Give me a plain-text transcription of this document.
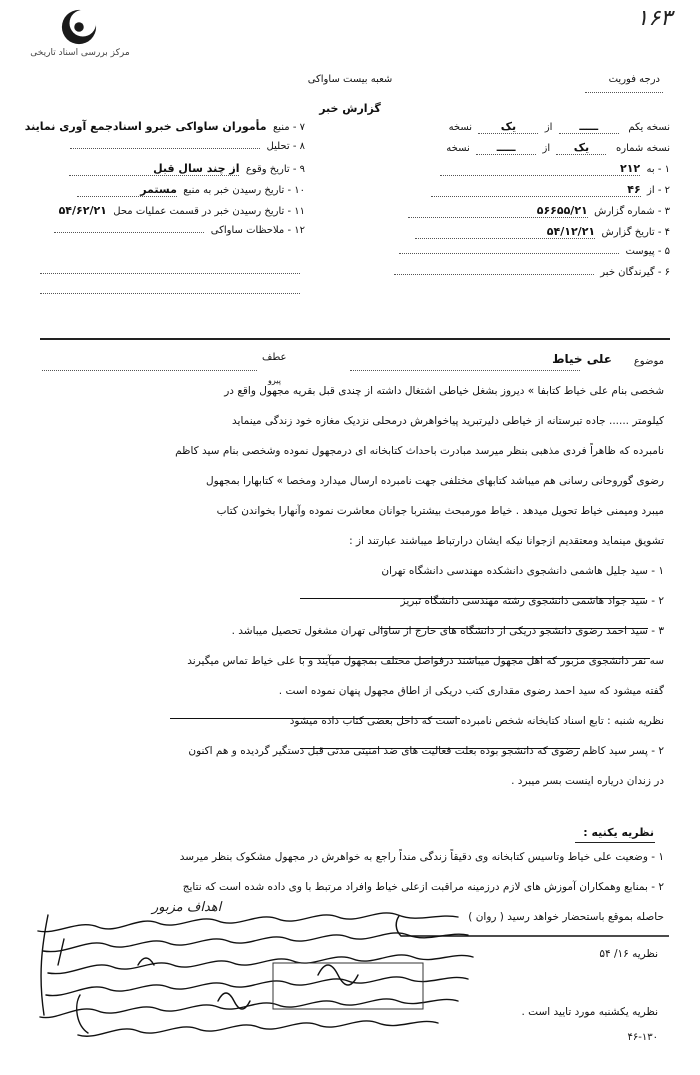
مرکز بررسی اسناد تاریخی
۱۶۳
شعبه بیست ساواکی
گزارش خبر
درجه فوریت
نسخه یکم   ـــــ  از  یک  نسخه
نسخه شماره   یک  از  ـــــ  نسخه
۱ - به  ۲۱۲
۲ - از  ۴۶
۳ - شماره گزارش  ۵۶۶۵۵/۲۱
۴ - تاریخ گزارش  ۵۴/۱۲/۲۱
۵ - پیوست
۶ - گیرندگان خبر
۷ - منبع  مأموران ساواکی خبرو اسنادجمع آوری نمایند
۸ - تحلیل
۹ - تاریخ وقوع  از چند سال قبل
۱۰ - تاریخ رسیدن خبر به منبع  مستمر
۱۱ - تاریخ رسیدن خبر در قسمت عملیات محل  ۵۴/۶۲/۲۱
۱۲ - ملاحظات ساواکی
موضوع
علی خیاط
عطف
پیرو
شخصی بنام علی خیاط کتابفا » دیروز بشغل خیاطی اشتغال داشته از چندی قبل بقریه مجهول واقع در
کیلومتر ...... جاده تبرستانه از خیاطی دلیرتبرید پیاخواهرش درمحلی نزدیک مغازه خود زندگی مینماید
نامبرده که ظاهراً فردی مذهبی بنظر میرسد مبادرت باحداث کتابخانه ای درمجهول نموده وشخصی بنام سید کاظم
رضوی گوروحانی رسانی هم میباشد کتابهای مختلفی جهت نامبرده ارسال میدارد ومخصا » کتابهارا بمجهول
میبرد ومیمنی خیاط تحویل میدهد . خیاط مورمبحث بیشتربا جوانان معاشرت نموده وآنهارا بخواندن کتاب
تشویق مینماید ومعتقدیم ازجوانا نیکه ایشان درارتباط میباشند عبارتند از :
۱ - سید جلیل هاشمی دانشجوی دانشکده مهندسی دانشگاه تهران
۲ - سید جواد هاشمی دانشجوی رشته مهندسی دانشگاه تبریز
۳ - سید احمد رضوی دانشجو دریکی از دانشگاه های خارج از ساوالی تهران مشغول تحصیل میباشد .
سه نفر دانشجوی مزبور که اهل مجهول میباشند درفواصل مختلف بمجهول میآیند و با علی خیاط تماس میگیرند
گفته میشود که سید احمد رضوی مقداری کتب دریکی از اطاق مجهول پنهان نموده است .
نظریه شنبه : تابع اسناد کتابخانه شخص نامبرده است که داخل بعضی کتاب داده میشود
۲ - پسر سید کاظم رضوی که دانشجو بوده بعلت فعالیت های ضد امنیتی مدتی قبل دستگیر گردیده و هم اکنون
در زندان دریاره اینست بسر میبرد .
نظریه یکنیه :
۱ - وضعیت علی خیاط وتاسیس کتابخانه وی دقیقاً زندگی منداً راجع به خواهرش در مجهول مشکوک بنظر میرسد
۲ - بمنابع وهمکاران آموزش های لازم درزمینه مراقبت ازعلی خیاط وافراد مرتبط با وی داده شده است که نتایج
حاصله بموقع باستحضار خواهد رسید ( روان )
نظریه ۱۶/ ۵۴
اهداف مزبور
نظریه یکشنبه مورد تایید است .
۴۶-۱۳۰
